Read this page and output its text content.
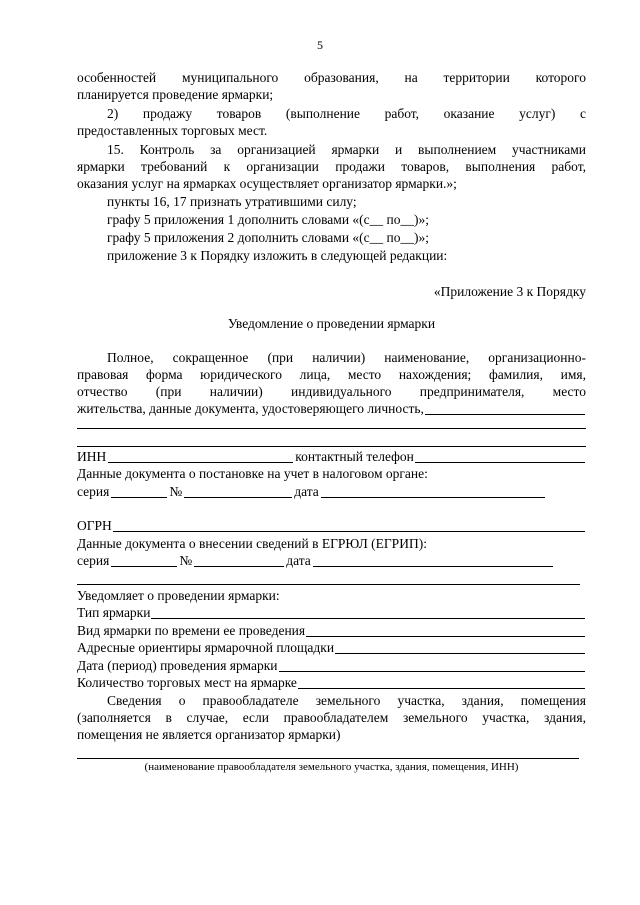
5
особенностей муниципального образования, на территории которого
планируется проведение ярмарки;
2) продажу товаров (выполнение работ, оказание услуг) с
предоставленных торговых мест.
15. Контроль за организацией ярмарки и выполнением участниками
ярмарки требований к организации продажи товаров, выполнения работ,
оказания услуг на ярмарках осуществляет организатор ярмарки.»;
пункты 16, 17 признать утратившими силу;
графу 5 приложения 1 дополнить словами «(с__ по__)»;
графу 5 приложения 2 дополнить словами «(с__ по__)»;
приложение 3 к Порядку изложить в следующей редакции:
«Приложение 3 к Порядку
Уведомление о проведении ярмарки
Полное, сокращенное (при наличии) наименование, организационно-
правовая форма юридического лица, место нахождения; фамилия, имя,
отчество (при наличии) индивидуального предпринимателя, место
жительства, данные документа, удостоверяющего личность,
ИНН	контактный телефон
Данные документа о постановке на учет в налоговом органе:
серия	№	дата
ОГРН
Данные документа о внесении сведений в ЕГРЮЛ (ЕГРИП):
серия	№	дата
Уведомляет о проведении ярмарки:
Тип ярмарки
Вид ярмарки по времени ее проведения
Адресные ориентиры ярмарочной площадки
Дата (период) проведения ярмарки
Количество торговых мест на ярмарке
Сведения о правообладателе земельного участка, здания, помещения
(заполняется в случае, если правообладателем земельного участка, здания,
помещения не является организатор ярмарки)
(наименование правообладателя земельного участка, здания, помещения, ИНН)
